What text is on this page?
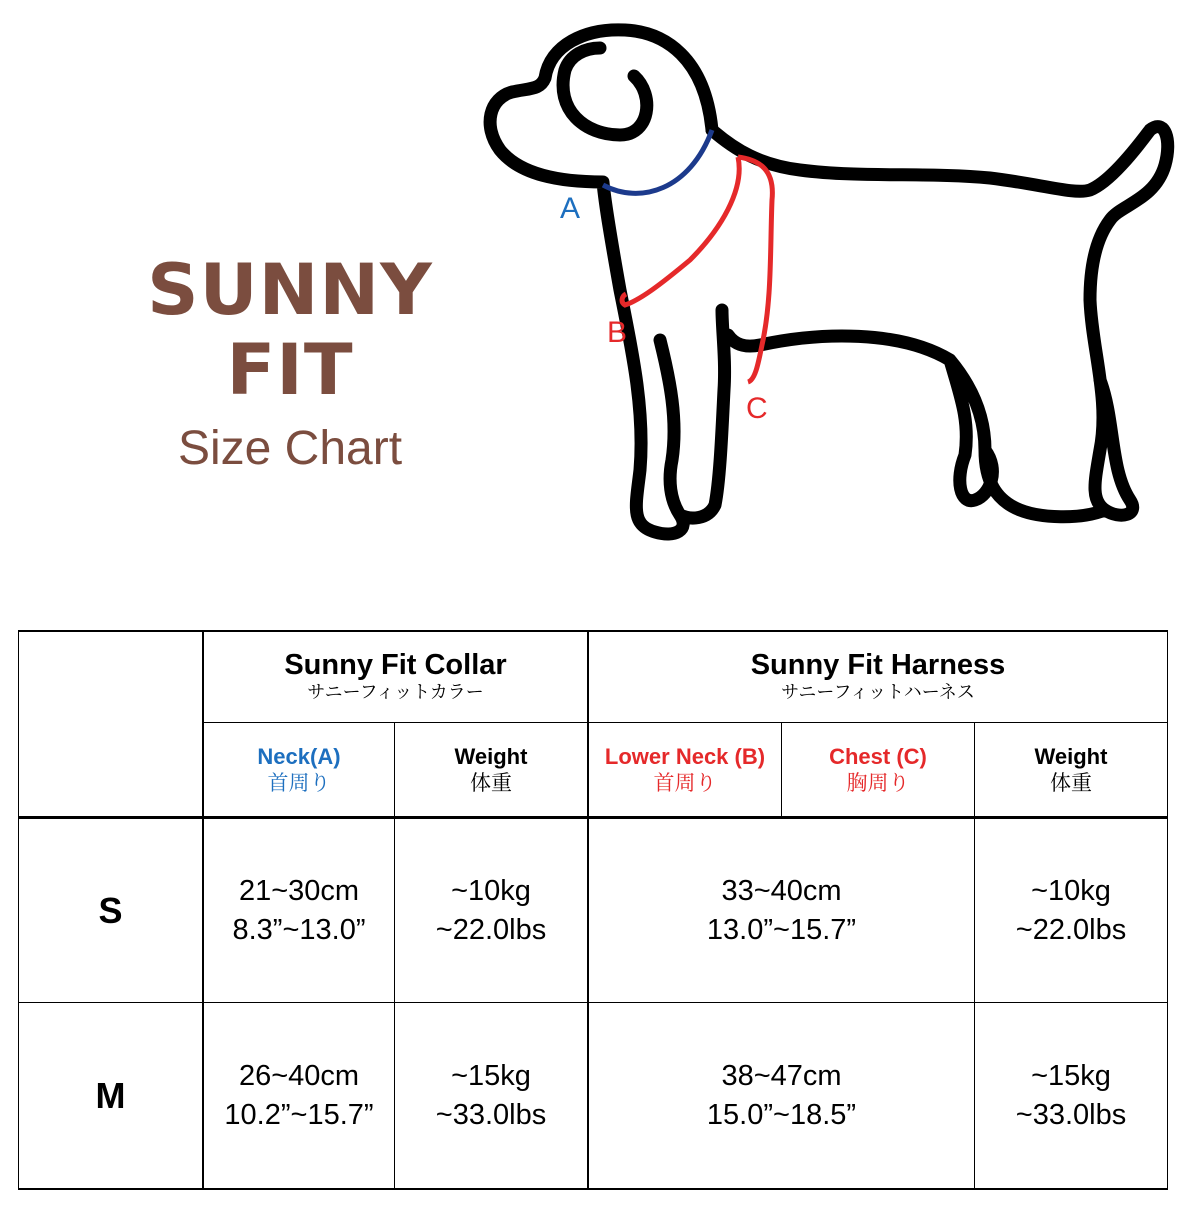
SUNNY FIT
Size Chart
A
B
C
Sunny Fit Collar
サニーフィットカラー
Sunny Fit Harness
サニーフィットハーネス
Neck(A)
首周り
Weight
体重
Lower Neck (B)
首周り
Chest (C)
胸周り
Weight
体重
S	21~30cm
8.3”~13.0”
~10kg
~22.0lbs
33~40cm
13.0”~15.7”
~10kg
~22.0lbs
M	26~40cm
10.2”~15.7”
~15kg
~33.0lbs
38~47cm
15.0”~18.5”
~15kg
~33.0lbs
